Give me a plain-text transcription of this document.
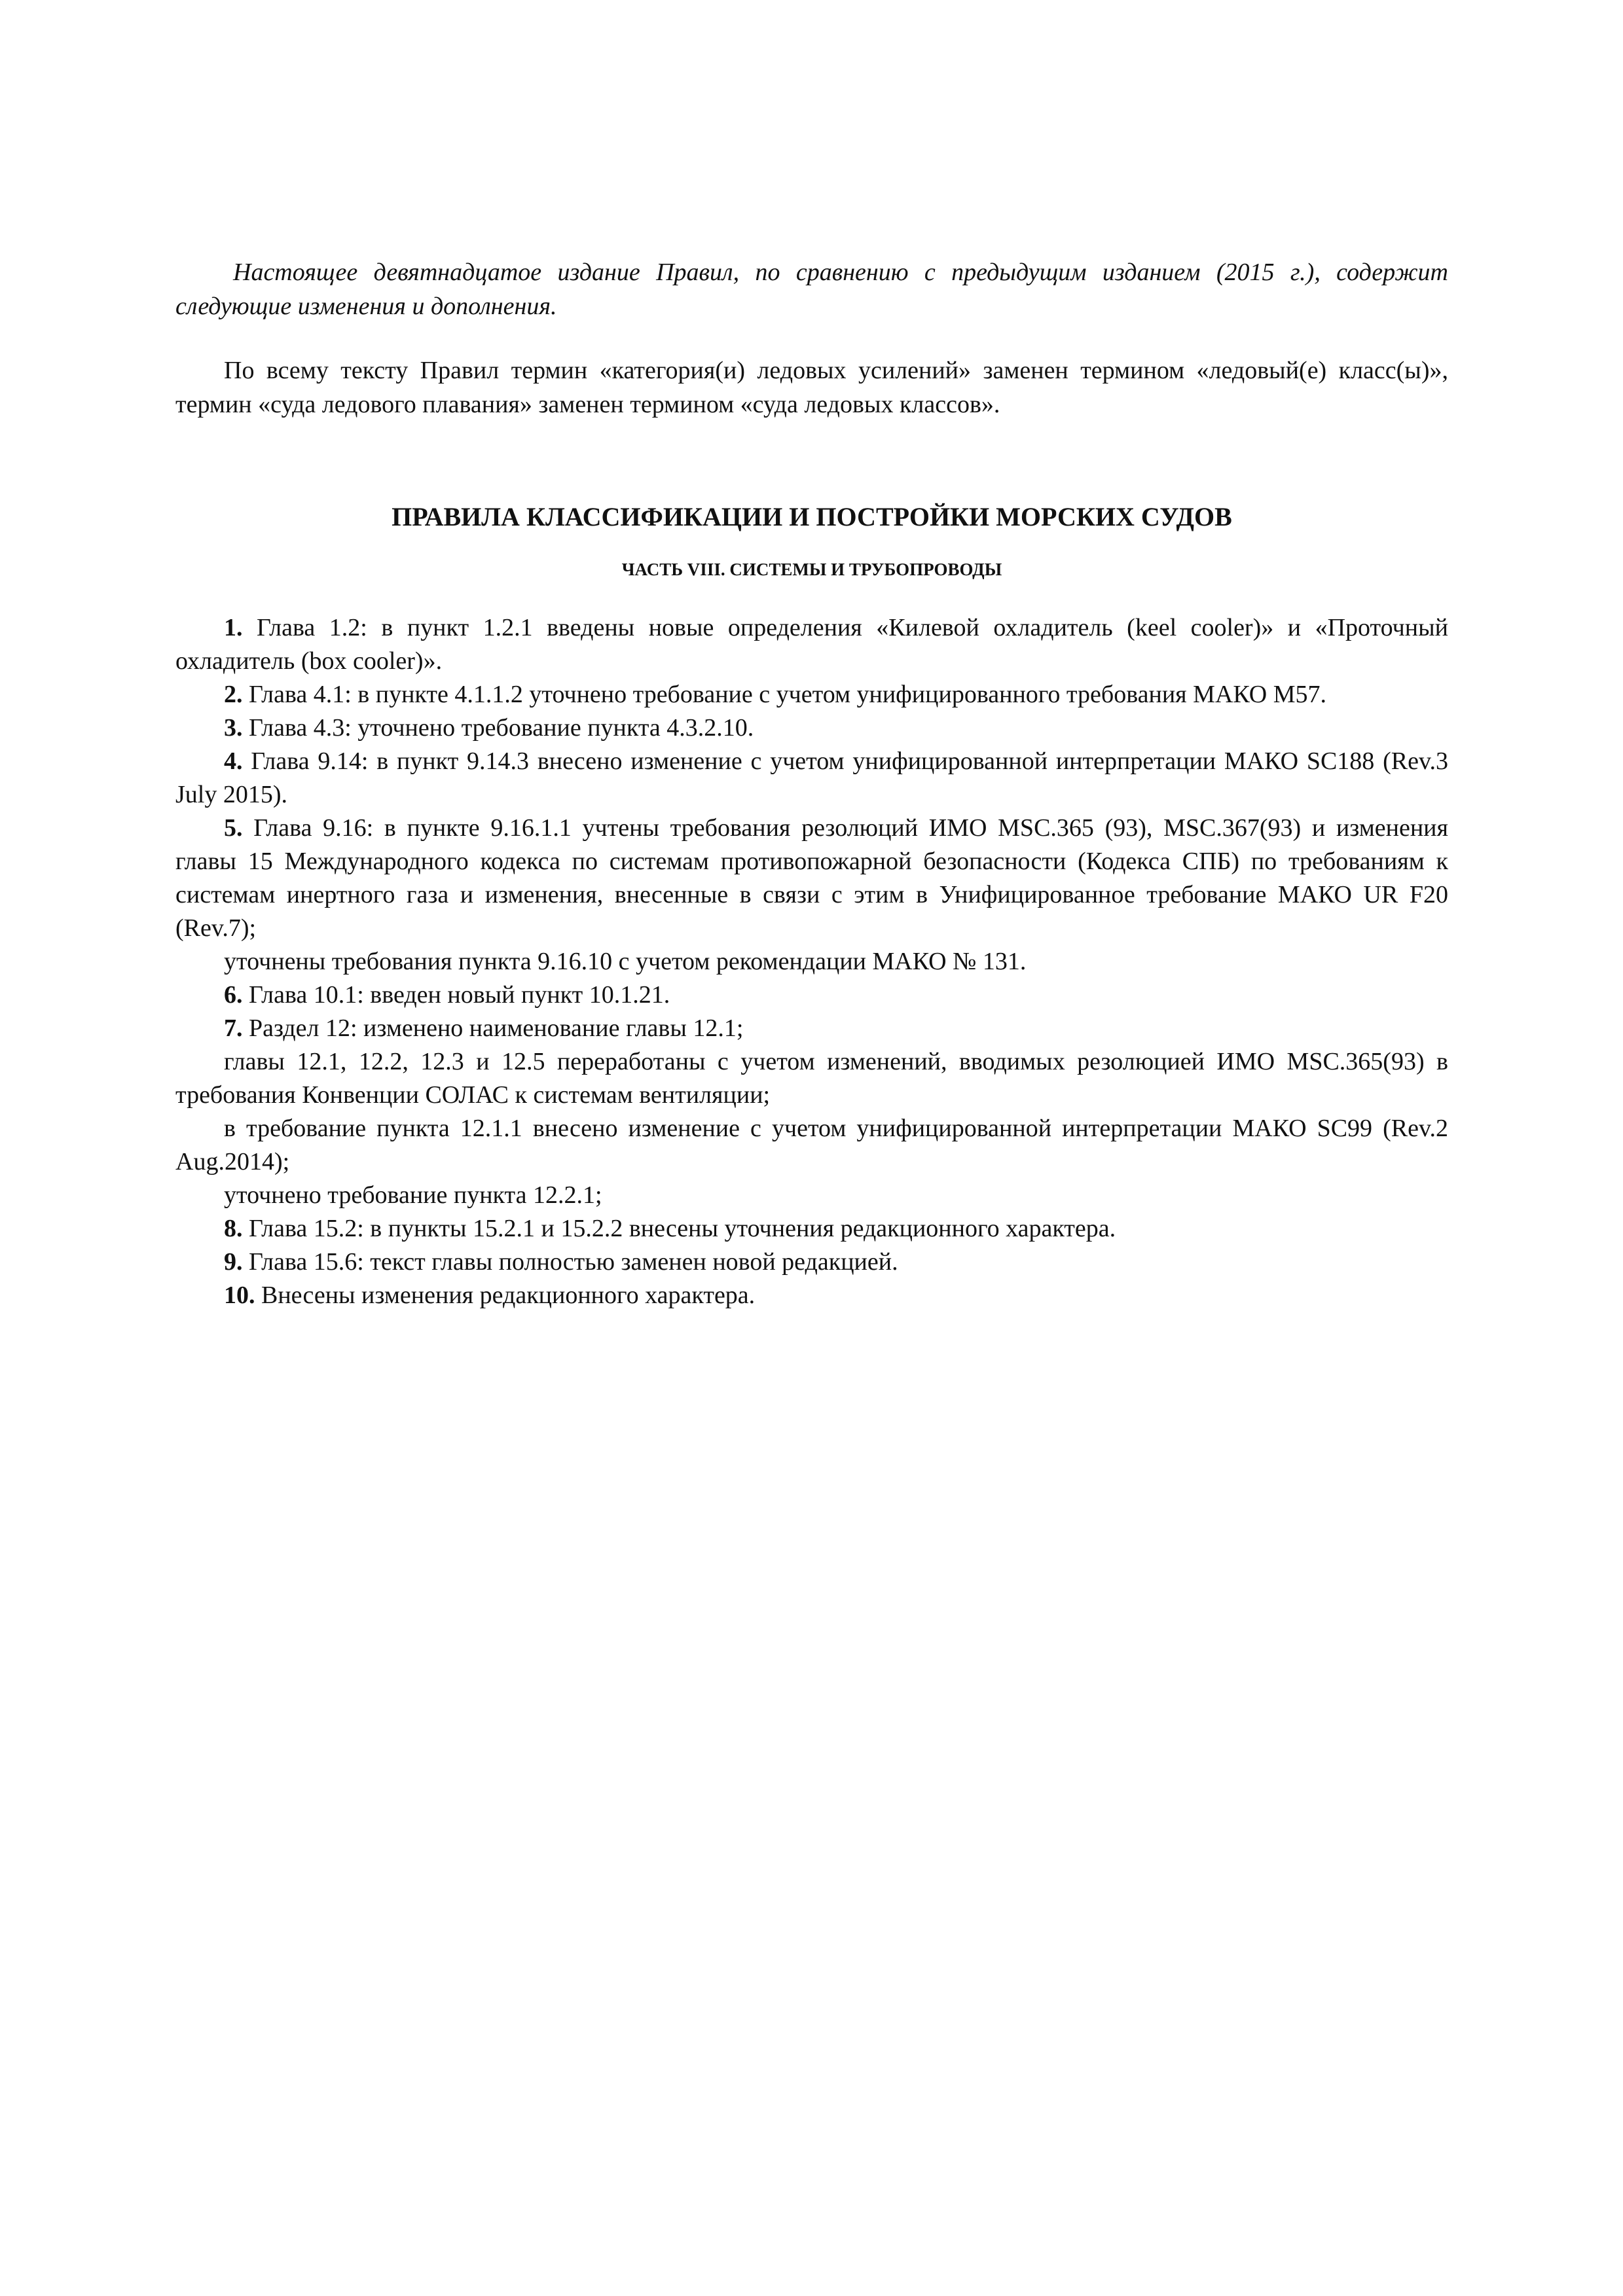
Настоящее девятнадцатое издание Правил, по сравнению с предыдущим изданием (2015 г.), содержит следующие изменения и дополнения.

По всему тексту Правил термин «категория(и) ледовых усилений» заменен термином «ледовый(е) класс(ы)», термин «суда ледового плавания» заменен термином «суда ледовых классов».

ПРАВИЛА КЛАССИФИКАЦИИ И ПОСТРОЙКИ МОРСКИХ СУДОВ
ЧАСТЬ VIII. СИСТЕМЫ И ТРУБОПРОВОДЫ
1. Глава 1.2: в пункт 1.2.1 введены новые определения «Килевой охладитель (keel cooler)» и «Проточный охладитель (box cooler)».
2. Глава 4.1: в пункте 4.1.1.2 уточнено требование с учетом унифицированного требования МАКО М57.
3. Глава 4.3: уточнено требование пункта 4.3.2.10.
4. Глава 9.14: в пункт 9.14.3 внесено изменение с учетом унифицированной интерпретации МАКО SC188 (Rev.3 July 2015).
5. Глава 9.16: в пункте 9.16.1.1 учтены требования резолюций ИМО MSC.365 (93), MSC.367(93) и изменения главы 15 Международного кодекса по системам противопожарной безопасности (Кодекса СПБ) по требованиям к системам инертного газа и изменения, внесенные в связи с этим в Унифицированное требование МАКО UR F20 (Rev.7);
уточнены требования пункта 9.16.10 с учетом рекомендации МАКО № 131.
6. Глава 10.1: введен новый пункт 10.1.21.
7. Раздел 12: изменено наименование главы 12.1;
главы 12.1, 12.2, 12.3 и 12.5 переработаны с учетом изменений, вводимых резолюцией ИМО MSC.365(93) в требования Конвенции СОЛАС к системам вентиляции;
в требование пункта 12.1.1 внесено изменение с учетом унифицированной интерпретации МАКО SC99 (Rev.2 Aug.2014);
уточнено требование пункта 12.2.1;
8. Глава 15.2: в пункты 15.2.1 и 15.2.2 внесены уточнения редакционного характера.
9. Глава 15.6: текст главы полностью заменен новой редакцией.
10. Внесены изменения редакционного характера.
